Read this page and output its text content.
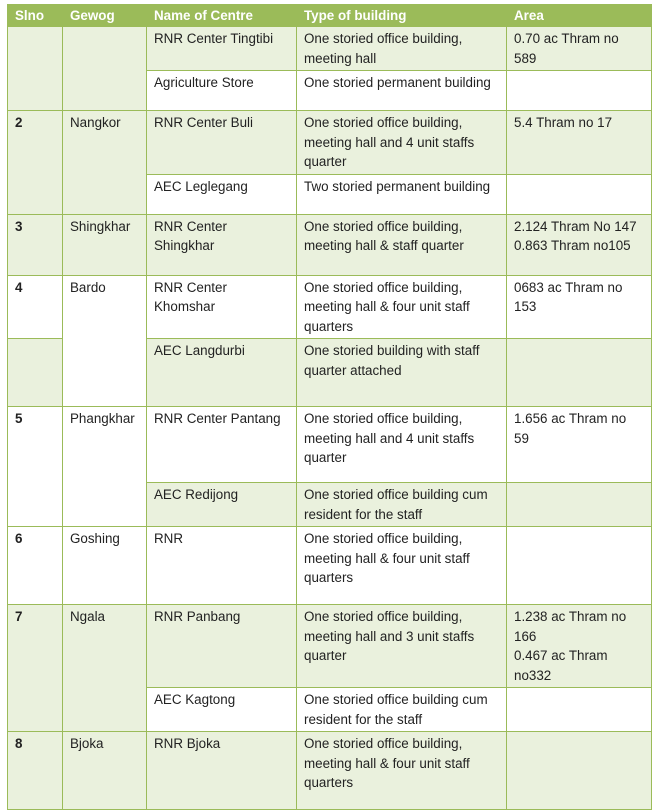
Slno	Gewog	Name of Centre	Type of building	Area
		RNR Center Tingtibi	One storied office building, meeting hall	0.70 ac Thram no 589

		Agriculture Store	One storied permanent building	

2	Nangkor	RNR Center Buli	One storied office building, meeting hall and 4 unit staffs quarter	5.4 Thram no 17

		AEC Leglegang	Two storied permanent building	

3	Shingkhar	RNR Center Shingkhar	One storied office building, meeting hall & staff quarter	2.124 Thram No 147
0.863 Thram no105

4	Bardo	RNR Center Khomshar	One storied office building, meeting hall & four unit staff quarters	0683 ac Thram no 153

		AEC Langdurbi	One storied building with staff quarter attached	

5	Phangkhar	RNR Center Pantang	One storied office building, meeting hall and 4 unit staffs quarter	1.656 ac Thram no 59

		AEC Redijong	One storied office building cum resident for the staff	

6	Goshing	RNR	One storied office building, meeting hall & four unit staff quarters	

7	Ngala	RNR Panbang	One storied office building, meeting hall and 3 unit staffs quarter	1.238 ac Thram no 166
0.467 ac Thram no332

		AEC Kagtong	One storied office building cum resident for the staff	

8	Bjoka	RNR Bjoka	One storied office building, meeting hall & four unit staff quarters	
